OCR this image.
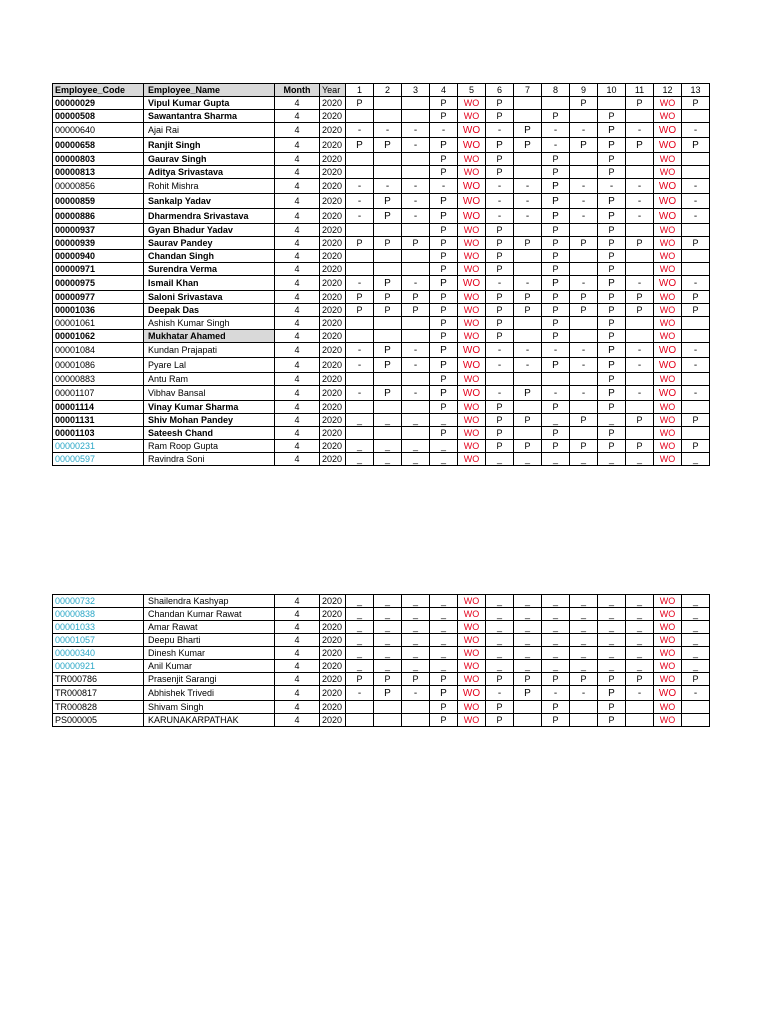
Employee_Code	Employee_Name	Month	Year	1	2	3	4	5	6	7	8	9	10	11	12	13
00000029	Vipul Kumar Gupta	4	2020	P			P	WO	P			P		P	WO	P
00000508	Sawantantra Sharma	4	2020				P	WO	P		P		P		WO	
00000640	Ajai Rai	4	2020	-	-	-	-	WO	-	P	-	-	P	-	WO	-
00000658	Ranjit Singh	4	2020	P	P	-	P	WO	P	P	-	P	P	P	WO	P
00000803	Gaurav Singh	4	2020				P	WO	P		P		P		WO	
00000813	Aditya Srivastava	4	2020				P	WO	P		P		P		WO	
00000856	Rohit Mishra	4	2020	-	-	-	-	WO	-	-	P	-	-	-	WO	-
00000859	Sankalp Yadav	4	2020	-	P	-	P	WO	-	-	P	-	P	-	WO	-
00000886	Dharmendra Srivastava	4	2020	-	P	-	P	WO	-	-	P	-	P	-	WO	-
00000937	Gyan Bhadur Yadav	4	2020				P	WO	P		P		P		WO	
00000939	Saurav Pandey	4	2020	P	P	P	P	WO	P	P	P	P	P	P	WO	P
00000940	Chandan Singh	4	2020				P	WO	P		P		P		WO	
00000971	Surendra Verma	4	2020				P	WO	P		P		P		WO	
00000975	Ismail Khan	4	2020	-	P	-	P	WO	-	-	P	-	P	-	WO	-
00000977	Saloni Srivastava	4	2020	P	P	P	P	WO	P	P	P	P	P	P	WO	P
00001036	Deepak Das	4	2020	P	P	P	P	WO	P	P	P	P	P	P	WO	P
00001061	Ashish Kumar Singh	4	2020				P	WO	P		P		P		WO	
00001062	Mukhatar Ahamed	4	2020				P	WO	P		P		P		WO	
00001084	Kundan Prajapati	4	2020	-	P	-	P	WO	-	-	-	-	P	-	WO	-
00001086	Pyare Lal	4	2020	-	P	-	P	WO	-	-	P	-	P	-	WO	-
00000883	Antu Ram	4	2020				P	WO					P		WO	
00001107	Vibhav Bansal	4	2020	-	P	-	P	WO	-	P	-	-	P	-	WO	-
00001114	Vinay Kumar Sharma	4	2020				P	WO	P		P		P		WO	
00001131	Shiv Mohan Pandey	4	2020	_	_	_	_	WO	P	P	_	P	_	P	WO	P
00001103	Sateesh Chand	4	2020				P	WO	P		P		P		WO	
00000231	Ram Roop Gupta	4	2020	_	_	_	_	WO	P	P	P	P	P	P	WO	P
00000597	Ravindra Soni	4	2020	_	_	_	_	WO	_	_	_	_	_	_	WO	_
00000732	Shailendra Kashyap	4	2020	_	_	_	_	WO	_	_	_	_	_	_	WO	_
00000838	Chandan Kumar Rawat	4	2020	_	_	_	_	WO	_	_	_	_	_	_	WO	_
00001033	Amar Rawat	4	2020	_	_	_	_	WO	_	_	_	_	_	_	WO	_
00001057	Deepu Bharti	4	2020	_	_	_	_	WO	_	_	_	_	_	_	WO	_
00000340	Dinesh Kumar	4	2020	_	_	_	_	WO	_	_	_	_	_	_	WO	_
00000921	Anil Kumar	4	2020	_	_	_	_	WO	_	_	_	_	_	_	WO	_
TR000786	Prasenjit Sarangi	4	2020	P	P	P	P	WO	P	P	P	P	P	P	WO	P
TR000817	Abhishek Trivedi	4	2020	-	P	-	P	WO	-	P	-	-	P	-	WO	-
TR000828	Shivam Singh	4	2020				P	WO	P		P		P		WO	
PS000005	KARUNAKARPATHAK	4	2020				P	WO	P		P		P		WO	
